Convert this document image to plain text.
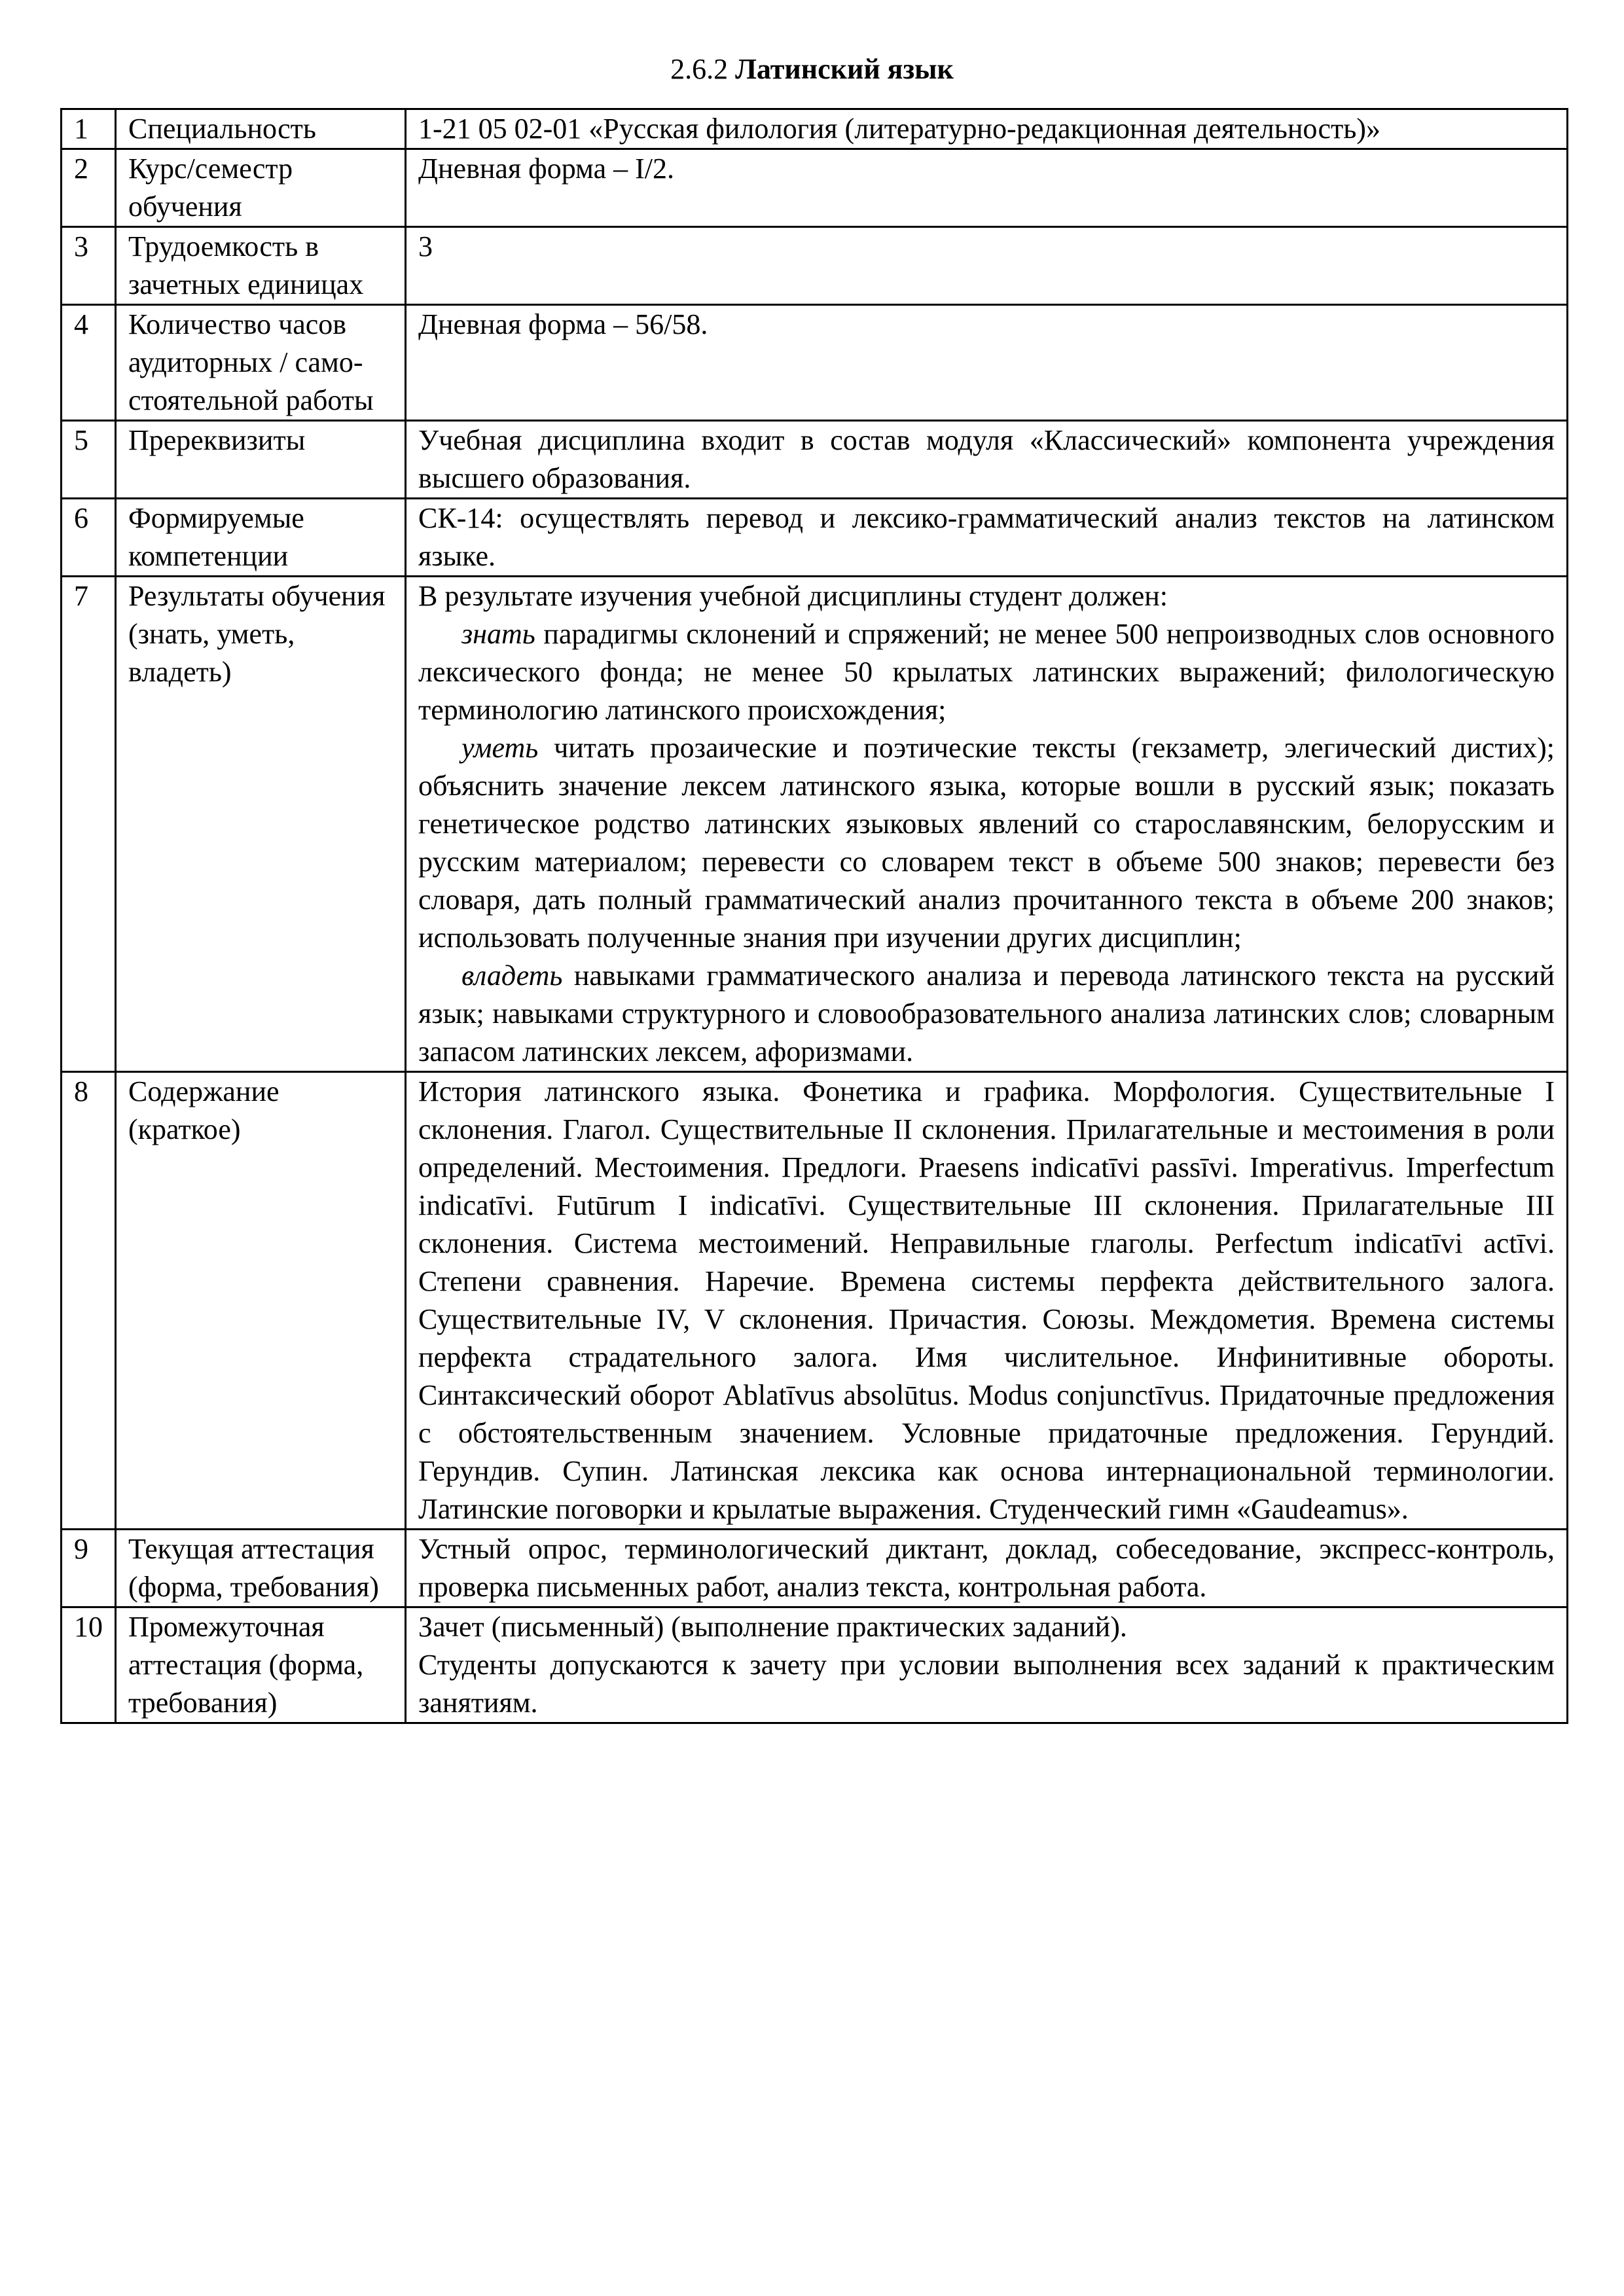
2.6.2 Латинский язык
1	Специальность	1-21 05 02-01 «Русская филология (литературно-редакционная деятельность)»
2	Курс/семестр обучения	Дневная форма – I/2.
3	Трудоемкость в зачетных единицах	3
4	Количество часов аудиторных / само-стоятельной работы	Дневная форма – 56/58.
5	Пререквизиты	Учебная дисциплина входит в состав модуля «Классический» компонента учреждения высшего образования.
6	Формируемые компетенции	СК-14: осуществлять перевод и лексико-грамматический анализ текстов на латинском языке.
7	Результаты обучения (знать, уметь, владеть)	В результате изучения учебной дисциплины студент должен:
знать парадигмы склонений и спряжений; не менее 500 непроизводных слов основного лексического фонда; не менее 50 крылатых латинских выражений; филологическую терминологию латинского происхождения;
уметь читать прозаические и поэтические тексты (гекзаметр, элегический дистих); объяснить значение лексем латинского языка, которые вошли в русский язык; показать генетическое родство латинских языковых явлений со старославянским, белорусским и русским материалом; перевести со словарем текст в объеме 500 знаков; перевести без словаря, дать полный грамматический анализ прочитанного текста в объеме 200 знаков; использовать полученные знания при изучении других дисциплин;
владеть навыками грамматического анализа и перевода латинского текста на русский язык; навыками структурного и словообразовательного анализа латинских слов; словарным запасом латинских лексем, афоризмами.

8	Содержание (краткое)	История латинского языка. Фонетика и графика. Морфология. Существительные I склонения. Глагол. Существительные II склонения. Прилагательные и местоимения в роли определений. Местоимения. Предлоги. Praesens indicatīvi passīvi. Imperativus. Imperfectum indicatīvi. Futūrum I indicatīvi. Существительные III склонения. Прилагательные III склонения. Система местоимений. Неправильные глаголы. Perfectum indicatīvi actīvi. Степени сравнения. Наречие. Времена системы перфекта действительного залога. Существительные IV, V склонения. Причастия. Союзы. Междометия. Времена системы перфекта страдательного залога. Имя числительное. Инфинитивные обороты. Синтаксический оборот Ablatīvus absolūtus. Modus conjunctīvus. Придаточные предложения с обстоятельственным значением. Условные придаточные предложения. Герундий. Герундив. Супин. Латинская лексика как основа интернациональной терминологии. Латинские поговорки и крылатые выражения. Студенческий гимн «Gaudeamus».
9	Текущая аттестация (форма, требования)	Устный опрос, терминологический диктант, доклад, собеседование, экспресс-контроль, проверка письменных работ, анализ текста, контрольная работа.
10	Промежуточная аттестация (форма, требования)	Зачет (письменный) (выполнение практических заданий).
Студенты допускаются к зачету при условии выполнения всех заданий к практическим занятиям.
